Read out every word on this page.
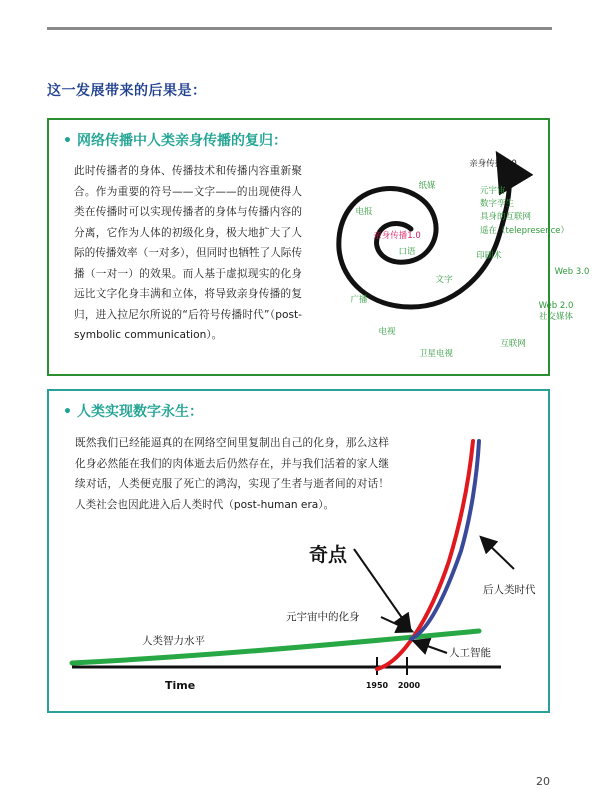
这一发展带来的后果是：
• 网络传播中人类亲身传播的复归：
此时传播者的身体、传播技术和传播内容重新聚合。作为重要的符号——文字——的出现使得人类在传播时可以实现传播者的身体与传播内容的分离，它作为人体的初级化身，极大地扩大了人际的传播效率（一对多），但同时也牺牲了人际传播（一对一）的效果。而人基于虚拟现实的化身远比文字化身丰满和立体，将导致亲身传播的复归，进入拉尼尔所说的“后符号传播时代”（post-symbolic communication）。
亲身传播1.0
亲身传播2.0
口语
文字
印刷术
纸媒
电报
广播
电视
卫星电视
互联网
Web 2.0
社交媒体
Web 3.0
元宇宙
数字孪生
具身的互联网
遥在（telepresence）
• 人类实现数字永生：
既然我们已经能逼真的在网络空间里复制出自己的化身，那么这样化身必然能在我们的肉体逝去后仍然存在，并与我们活着的家人继续对话，人类便克服了死亡的鸿沟，实现了生者与逝者间的对话！人类社会也因此进入后人类时代（post-human era）。
Time	1950 2000
奇点
后人类时代
元宇宙中的化身
人类智力水平
人工智能
20
